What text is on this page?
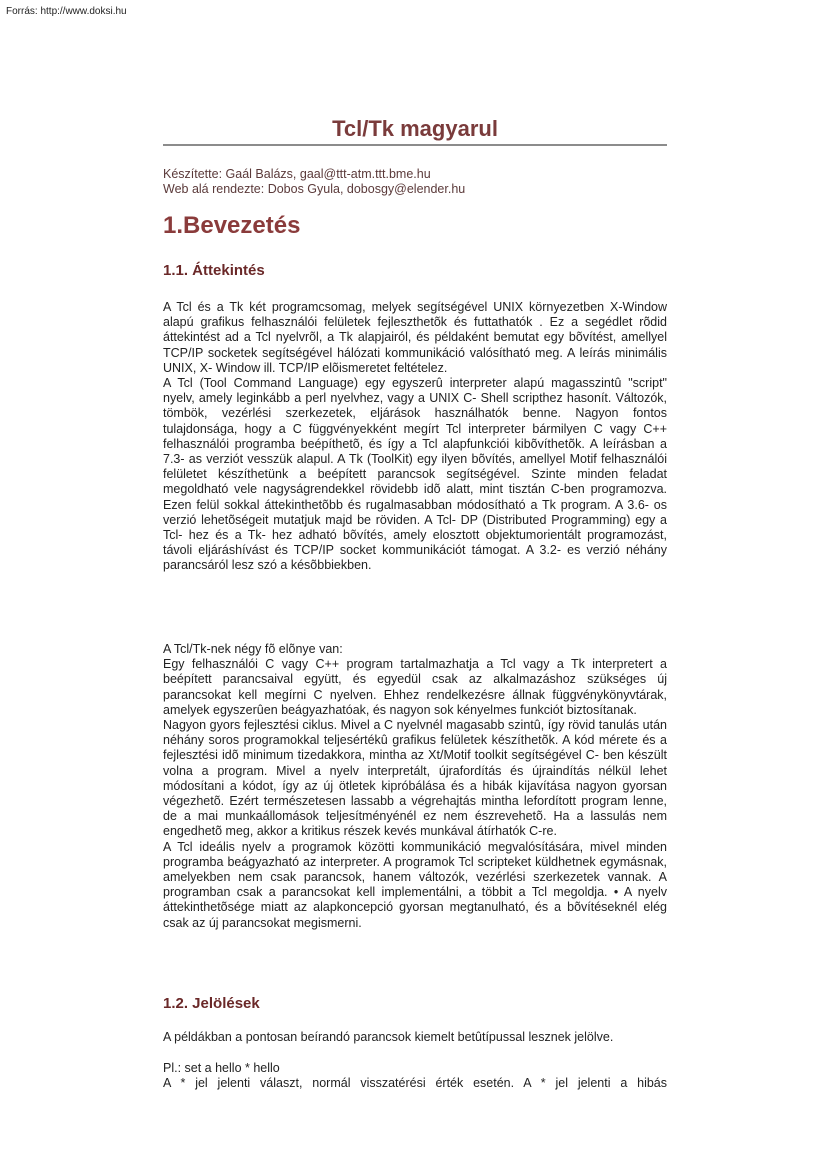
Forrás: http://www.doksi.hu
Tcl/Tk magyarul
Készítette: Gaál Balázs, gaal@ttt-atm.ttt.bme.hu
Web alá rendezte: Dobos Gyula, dobosgy@elender.hu
1.Bevezetés
1.1. Áttekintés

A Tcl és a Tk két programcsomag, melyek segítségével UNIX környezetben X-Window alapú grafikus felhasználói felületek fejleszthetõk és futtathatók . Ez a segédlet rõdid áttekintést ad a Tcl nyelvrõl, a Tk alapjairól, és példaként bemutat egy bõvítést, amellyel TCP/IP socketek segítségével hálózati kommunikáció valósítható meg. A leírás minimális UNIX, X- Window ill. TCP/IP elõismeretet feltételez.

A Tcl (Tool Command Language) egy egyszerû interpreter alapú magasszintû "script" nyelv, amely leginkább a perl nyelvhez, vagy a UNIX C- Shell scripthez hasonít. Változók, tömbök, vezérlési szerkezetek, eljárások használhatók benne. Nagyon fontos tulajdonsága, hogy a C függvényekként megírt Tcl interpreter bármilyen C vagy C++ felhasználói programba beépíthetõ, és így a Tcl alapfunkciói kibõvíthetõk. A leírásban a 7.3- as verziót vesszük alapul. A Tk (ToolKit) egy ilyen bõvítés, amellyel Motif felhasználói felületet készíthetünk a beépített parancsok segítségével. Szinte minden feladat megoldható vele nagyságrendekkel rövidebb idõ alatt, mint tisztán C-ben programozva. Ezen felül sokkal áttekinthetõbb és rugalmasabban módosítható a Tk program. A 3.6- os verzió lehetõségeit mutatjuk majd be röviden. A Tcl- DP (Distributed Programming) egy a Tcl- hez és a Tk- hez adható bõvítés, amely elosztott objektumorientált programozást, távoli eljáráshívást és TCP/IP socket kommunikációt támogat. A 3.2- es verzió néhány parancsáról lesz szó a késõbbiekben.

A Tcl/Tk-nek négy fõ elõnye van:

Egy felhasználói C vagy C++ program tartalmazhatja a Tcl vagy a Tk interpretert a beépített parancsaival együtt, és egyedül csak az alkalmazáshoz szükséges új parancsokat kell megírni C nyelven. Ehhez rendelkezésre állnak függvénykönyvtárak, amelyek egyszerûen beágyazhatóak, és nagyon sok kényelmes funkciót biztosítanak.

Nagyon gyors fejlesztési ciklus. Mivel a C nyelvnél magasabb szintû, így rövid tanulás után néhány soros programokkal teljesértékû grafikus felületek készíthetõk. A kód mérete és a fejlesztési idõ minimum tizedakkora, mintha az Xt/Motif toolkit segítségével C- ben készült volna a program. Mivel a nyelv interpretált, újrafordítás és újraindítás nélkül lehet módosítani a kódot, így az új ötletek kipróbálása és a hibák kijavítása nagyon gyorsan végezhetõ. Ezért természetesen lassabb a végrehajtás mintha lefordított program lenne, de a mai munkaállomások teljesítményénél ez nem észrevehetõ. Ha a lassulás nem engedhetõ meg, akkor a kritikus részek kevés munkával átírhatók C-re.

A Tcl ideális nyelv a programok közötti kommunikáció megvalósítására, mivel minden programba beágyazható az interpreter. A programok Tcl scripteket küldhetnek egymásnak, amelyekben nem csak parancsok, hanem változók, vezérlési szerkezetek vannak. A programban csak a parancsokat kell implementálni, a többit a Tcl megoldja. • A nyelv áttekinthetõsége miatt az alapkoncepció gyorsan megtanulható, és a bõvítéseknél elég csak az új parancsokat megismerni.

1.2. Jelölések
A példákban a pontosan beírandó parancsok kiemelt betûtípussal lesznek jelölve.
Pl.: set a hello * hello
A * jel jelenti választ, normál visszatérési érték esetén. A * jel jelenti a hibás
